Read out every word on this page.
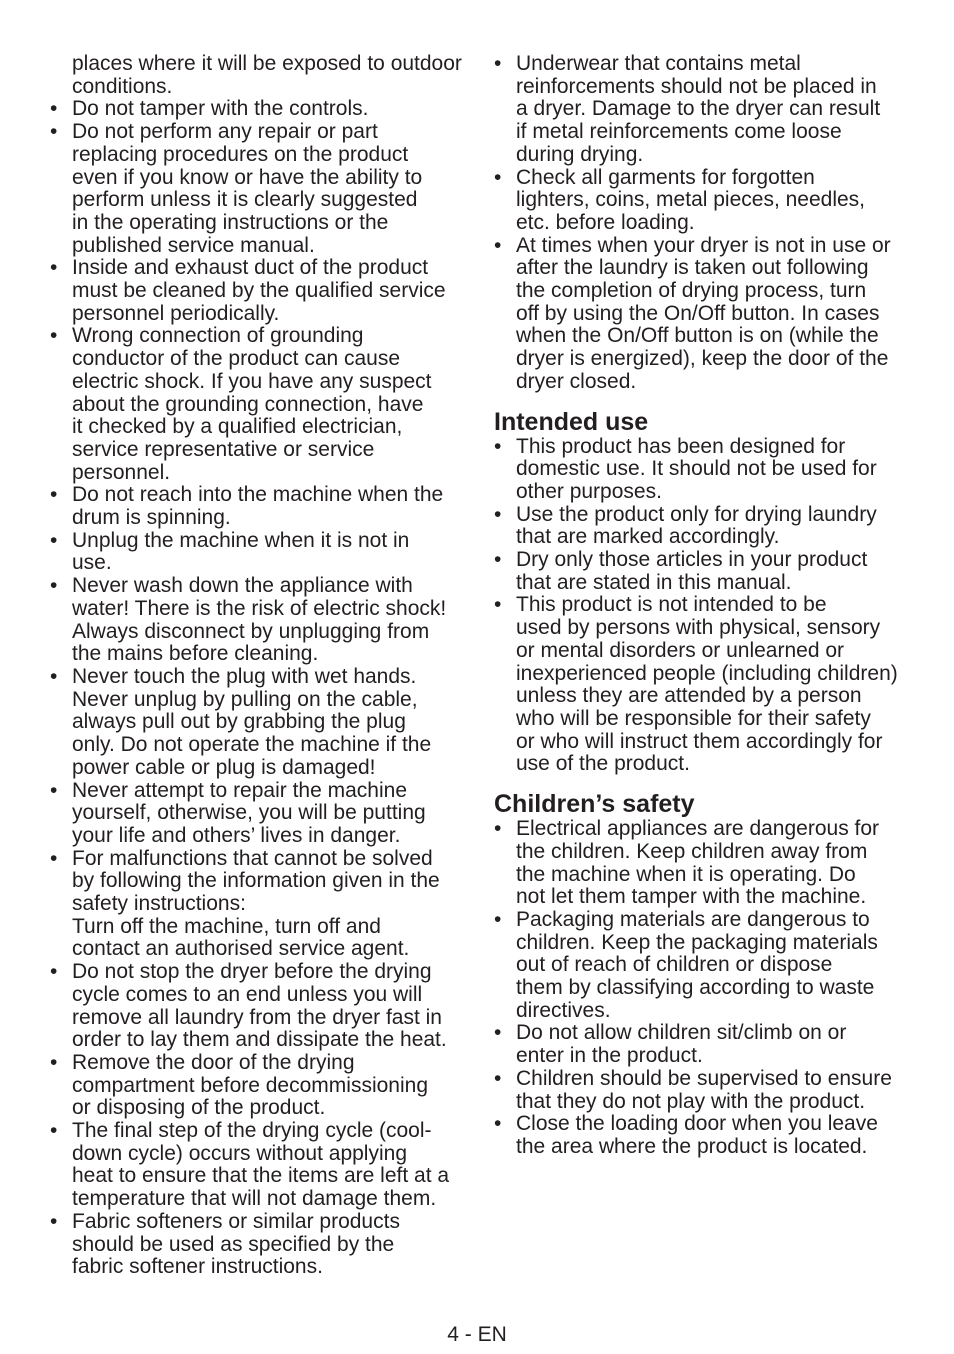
places where it will be exposed to outdoor conditions.

• Do not tamper with the controls.
• Do not perform any repair or part
replacing procedures on the product
even if you know or have the ability to
perform unless it is clearly suggested
in the operating instructions or the
published service manual.
• Inside and exhaust duct of the product
must be cleaned by the qualified service
personnel periodically.
• Wrong connection of grounding
conductor of the product can cause
electric shock. If you have any suspect
about the grounding connection, have
it checked by a qualified electrician,
service representative or service
personnel.
• Do not reach into the machine when the
drum is spinning.
• Unplug the machine when it is not in
use.
• Never wash down the appliance with
water! There is the risk of electric shock!
Always disconnect by unplugging from
the mains before cleaning.
• Never touch the plug with wet hands.
Never unplug by pulling on the cable,
always pull out by grabbing the plug
only. Do not operate the machine if the
power cable or plug is damaged!
• Never attempt to repair the machine
yourself, otherwise, you will be putting
your life and others’ lives in danger.
• For malfunctions that cannot be solved
by following the information given in the
safety instructions:
Turn off the machine, turn off and
contact an authorised service agent.
• Do not stop the dryer before the drying
cycle comes to an end unless you will
remove all laundry from the dryer fast in
order to lay them and dissipate the heat.
• Remove the door of the drying
compartment before decommissioning
or disposing of the product.
• The final step of the drying cycle (cool-
down cycle) occurs without applying
heat to ensure that the items are left at a
temperature that will not damage them.
• Fabric softeners or similar products
should be used as specified by the
fabric softener instructions.
• Underwear that contains metal
reinforcements should not be placed in
a dryer. Damage to the dryer can result
if metal reinforcements come loose
during drying.
• Check all garments for forgotten
lighters, coins, metal pieces, needles,
etc. before loading.
• At times when your dryer is not in use or
after the laundry is taken out following
the completion of drying process, turn
off by using the On/Off button. In cases
when the On/Off button is on (while the
dryer is energized), keep the door of the
dryer closed.
Intended use
• This product has been designed for
domestic use. It should not be used for
other purposes.
• Use the product only for drying laundry
that are marked accordingly.
• Dry only those articles in your product
that are stated in this manual.
• This product is not intended to be
used by persons with physical, sensory
or mental disorders or unlearned or
inexperienced people (including children)
unless they are attended by a person
who will be responsible for their safety
or who will instruct them accordingly for
use of the product.
Children’s safety
• Electrical appliances are dangerous for
the children. Keep children away from
the machine when it is operating. Do
not let them tamper with the machine.
• Packaging materials are dangerous to
children. Keep the packaging materials
out of reach of children or dispose
them by classifying according to waste
directives.
• Do not allow children sit/climb on or
enter in the product.
• Children should be supervised to ensure
that they do not play with the product.
• Close the loading door when you leave
the area where the product is located.
4 - EN
